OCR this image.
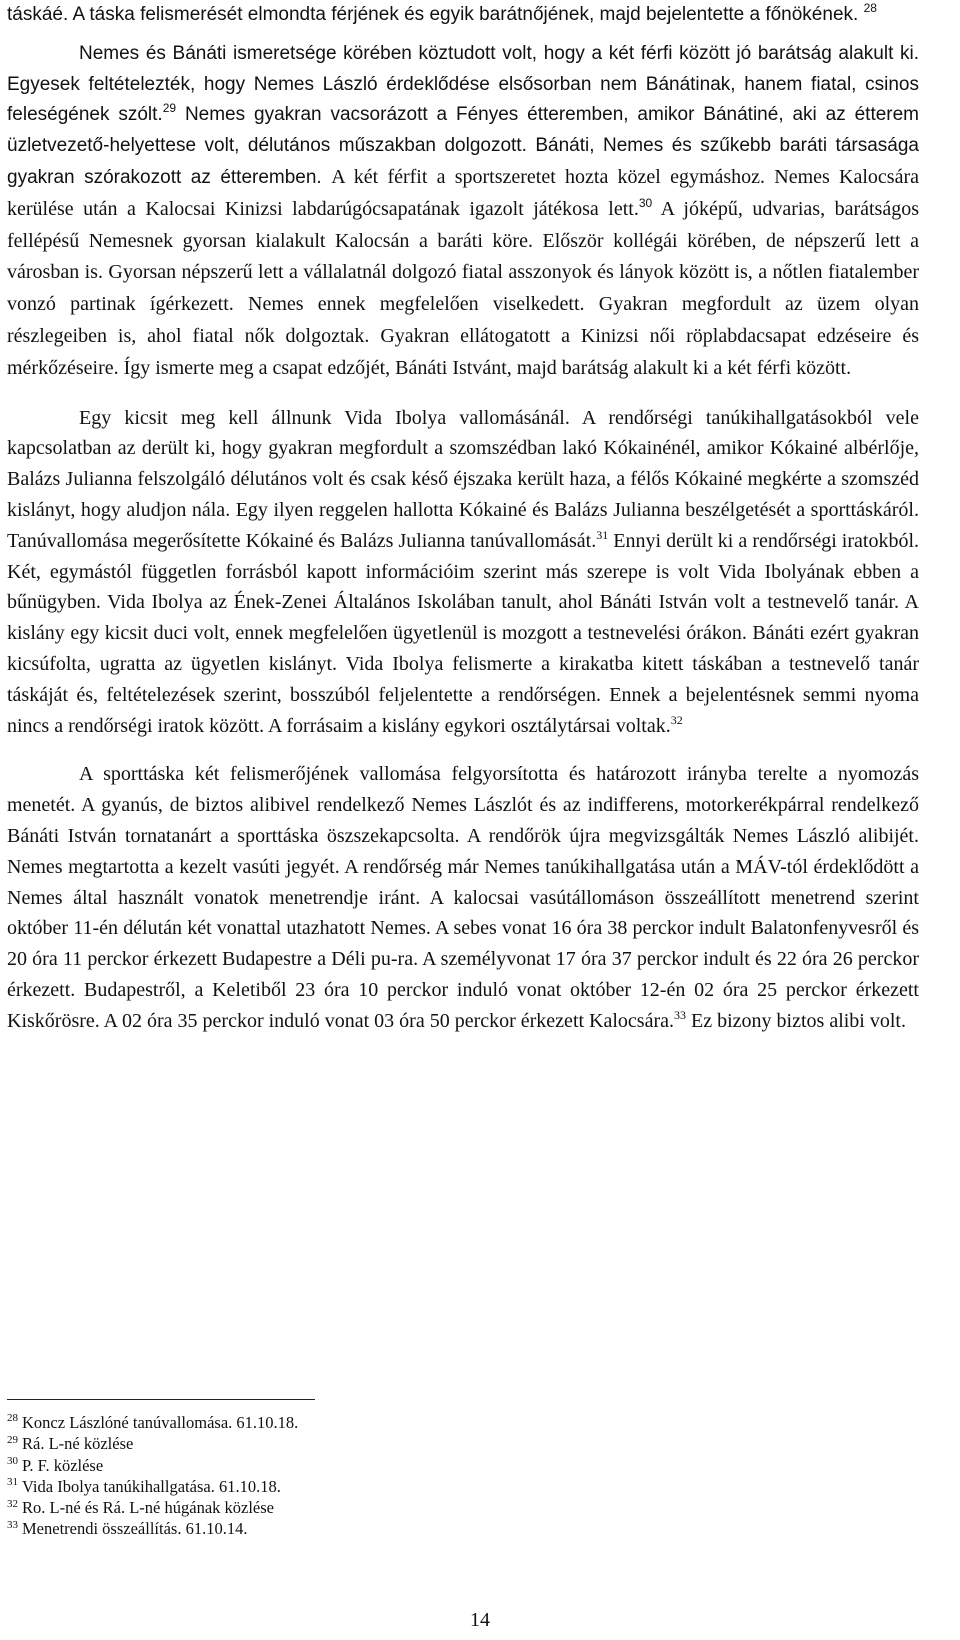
táskáé. A táska felismerését elmondta férjének és egyik barátnőjének, majd bejelentette a főnökének. $^{28}$

Nemes és Bánáti ismeretsége körében köztudott volt, hogy a két férfi között jó barátság alakult ki. Egyesek feltételezték, hogy Nemes László érdeklődése elsősorban nem Bánátinak, hanem fiatal, csinos feleségének szólt.$^{29}$ Nemes gyakran vacsorázott a Fényes étteremben, amikor Bánátiné, aki az étterem üzletvezető-helyettese volt, délutános műszakban dolgozott. Bánáti, Nemes és szűkebb baráti társasága gyakran szórakozott az étteremben. A két férfit a sportszeretet hozta közel egymáshoz. Nemes Kalocsára kerülése után a Kalocsai Kinizsi labdarúgócsapatának igazolt játékosa lett.$^{30}$ A jóképű, udvarias, barátságos fellépésű Nemesnek gyorsan kialakult Kalocsán a baráti köre. Először kollégái körében, de népszerű lett a városban is. Gyorsan népszerű lett a vállalatnál dolgozó fiatal asszonyok és lányok között is, a nőtlen fiatalember vonzó partinak ígérkezett. Nemes ennek megfelelően viselkedett. Gyakran megfordult az üzem olyan részlegeiben is, ahol fiatal nők dolgoztak. Gyakran ellátogatott a Kinizsi női röplabdacsapat edzéseire és mérkőzéseire. Így ismerte meg a csapat edzőjét, Bánáti Istvánt, majd barátság alakult ki a két férfi között.

Egy kicsit meg kell állnunk Vida Ibolya vallomásánál. A rendőrségi tanúkihallgatásokból vele kapcsolatban az derült ki, hogy gyakran megfordult a szomszédban lakó Kókainénél, amikor Kókainé albérlője, Balázs Julianna felszolgáló délutános volt és csak késő éjszaka került haza, a félős Kókainé megkérte a szomszéd kislányt, hogy aludjon nála. Egy ilyen reggelen hallotta Kókainé és Balázs Julianna beszélgetését a sporttáskáról. Tanúvallomása megerősítette Kókainé és Balázs Julianna tanúvallomását.$^{31}$ Ennyi derült ki a rendőrségi iratokból. Két, egymástól független forrásból kapott információim szerint más szerepe is volt Vida Ibolyának ebben a bűnügyben. Vida Ibolya az Ének-Zenei Általános Iskolában tanult, ahol Bánáti István volt a testnevelő tanár. A kislány egy kicsit duci volt, ennek megfelelően ügyetlenül is mozgott a testnevelési órákon. Bánáti ezért gyakran kicsúfolta, ugratta az ügyetlen kislányt. Vida Ibolya felismerte a kirakatba kitett táskában a testnevelő tanár táskáját és, feltételezések szerint, bosszúból feljelentette a rendőrségen. Ennek a bejelentésnek semmi nyoma nincs a rendőrségi iratok között. A forrásaim a kislány egykori osztálytársai voltak.$^{32}$

A sporttáska két felismerőjének vallomása felgyorsította és határozott irányba terelte a nyomozás menetét. A gyanús, de biztos alibivel rendelkező Nemes Lászlót és az indifferens, motorkerékpárral rendelkező Bánáti István tornatanárt a sporttáska öszszekapcsolta. A rendőrök újra megvizsgálták Nemes László alibijét. Nemes megtartotta a kezelt vasúti jegyét. A rendőrség már Nemes tanúkihallgatása után a MÁV-tól érdeklődött a Nemes által használt vonatok menetrendje iránt. A kalocsai vasútállomáson összeállított menetrend szerint október 11-én délután két vonattal utazhatott Nemes. A sebes vonat 16 óra 38 perckor indult Balatonfenyvesről és 20 óra 11 perckor érkezett Budapestre a Déli pu-ra. A személyvonat 17 óra 37 perckor indult és 22 óra 26 perckor érkezett. Budapestről, a Keletiből 23 óra 10 perckor induló vonat október 12-én 02 óra 25 perckor érkezett Kiskőrösre. A 02 óra 35 perckor induló vonat 03 óra 50 perckor érkezett Kalocsára.$^{33}$ Ez bizony biztos alibi volt.

$^{28}$ Koncz Lászlóné tanúvallomása. 61.10.18.
$^{29}$ Rá. L-né közlése
$^{30}$ P. F. közlése
$^{31}$ Vida Ibolya tanúkihallgatása. 61.10.18.
$^{32}$ Ro. L-né és Rá. L-né húgának közlése
$^{33}$ Menetrendi összeállítás. 61.10.14.
14
